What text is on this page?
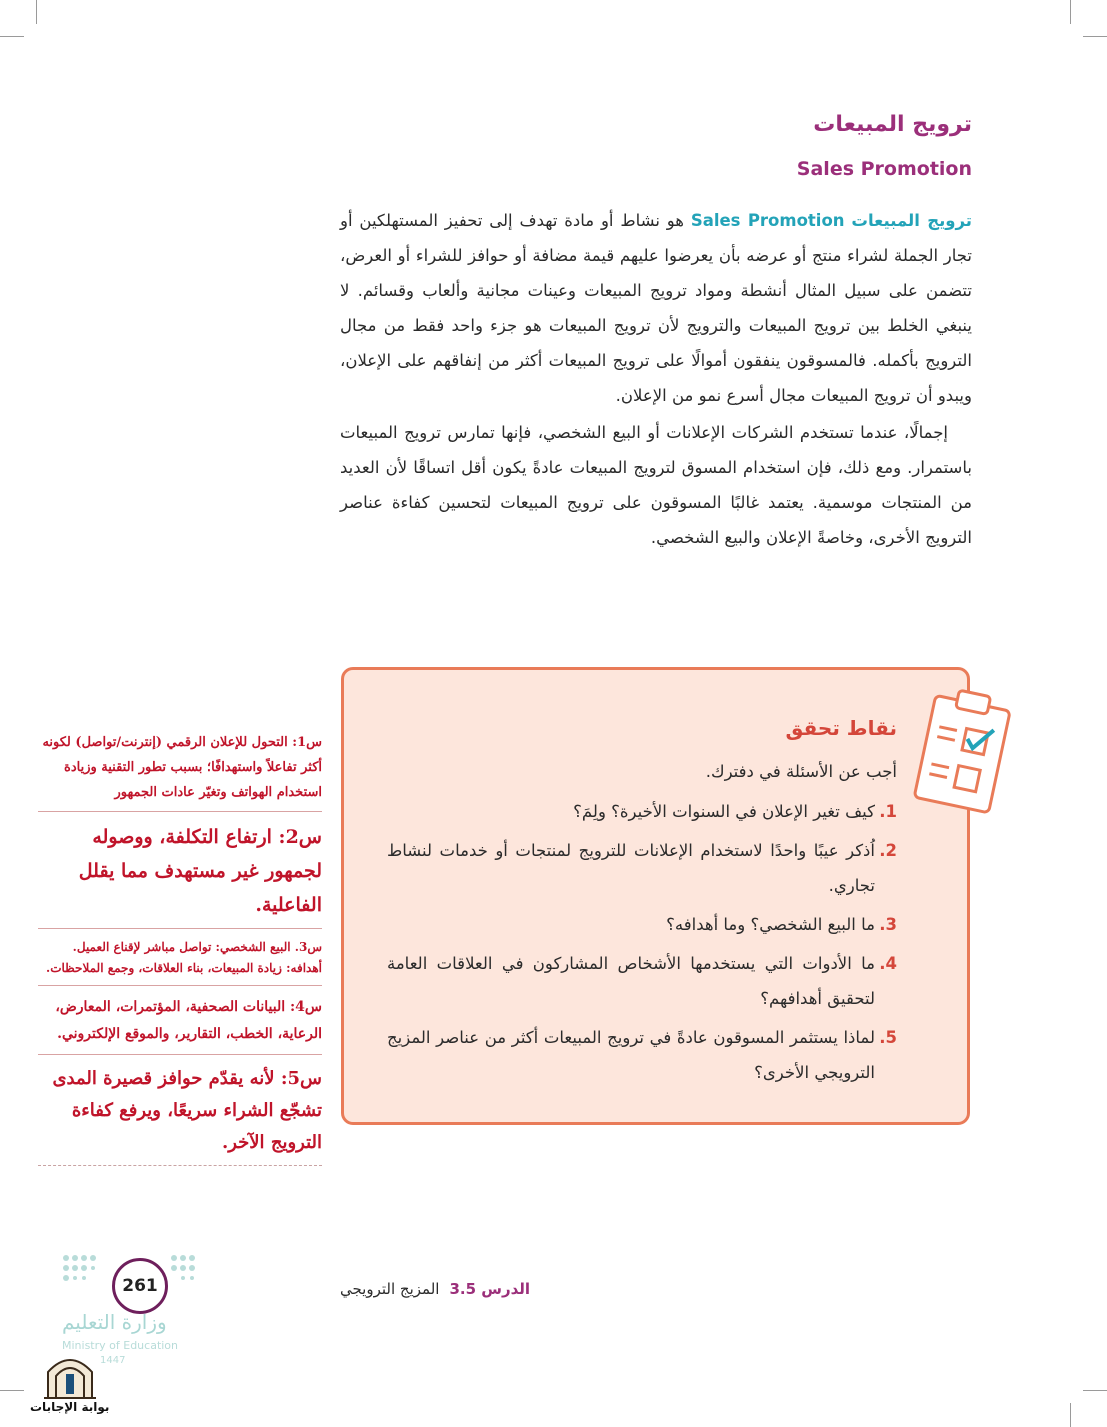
ترويج المبيعات
Sales Promotion

ترويج المبيعات Sales Promotion هو نشاط أو مادة تهدف إلى تحفيز المستهلكين أو تجار الجملة لشراء منتج أو عرضه بأن يعرضوا عليهم قيمة مضافة أو حوافز للشراء أو العرض، تتضمن على سبيل المثال أنشطة ومواد ترويج المبيعات وعينات مجانية وألعاب وقسائم. لا ينبغي الخلط بين ترويج المبيعات والترويج لأن ترويج المبيعات هو جزء واحد فقط من مجال الترويج بأكمله. فالمسوقون ينفقون أموالًا على ترويج المبيعات أكثر من إنفاقهم على الإعلان، ويبدو أن ترويج المبيعات مجال أسرع نمو من الإعلان.

إجمالًا، عندما تستخدم الشركات الإعلانات أو البيع الشخصي، فإنها تمارس ترويج المبيعات باستمرار. ومع ذلك، فإن استخدام المسوق لترويج المبيعات عادةً يكون أقل اتساقًا لأن العديد من المنتجات موسمية. يعتمد غالبًا المسوقون على ترويج المبيعات لتحسين كفاءة عناصر الترويج الأخرى، وخاصةً الإعلان والبيع الشخصي.

نقاط تحقق
أجب عن الأسئلة في دفترك.
1.
كيف تغير الإعلان في السنوات الأخيرة؟ ولِمَ؟
2.
اُذكر عيبًا واحدًا لاستخدام الإعلانات للترويج لمنتجات أو خدمات لنشاط تجاري.
3.
ما البيع الشخصي؟ وما أهدافه؟
4.
ما الأدوات التي يستخدمها الأشخاص المشاركون في العلاقات العامة لتحقيق أهدافهم؟
5.
لماذا يستثمر المسوقون عادةً في ترويج المبيعات أكثر من عناصر المزيج الترويجي الأخرى؟
س1: التحول للإعلان الرقمي (إنترنت/تواصل) لكونه أكثر تفاعلاً واستهدافًا؛ بسبب تطور التقنية وزيادة استخدام الهواتف وتغيّر عادات الجمهور
س2: ارتفاع التكلفة، ووصوله لجمهور غير مستهدف مما يقلل الفاعلية.
س3. البيع الشخصي: تواصل مباشر لإقناع العميل. أهدافه: زيادة المبيعات، بناء العلاقات، وجمع الملاحظات.
س4: البيانات الصحفية، المؤتمرات، المعارض، الرعاية، الخطب، التقارير، والموقع الإلكتروني.
س5: لأنه يقدّم حوافز قصيرة المدى تشجّع الشراء سريعًا، ويرفع كفاءة الترويج الآخر.
الدرس 3.5المزيج الترويجي
261
وزارة التعليم
Ministry of Education
1447
بوابة الإجابات
